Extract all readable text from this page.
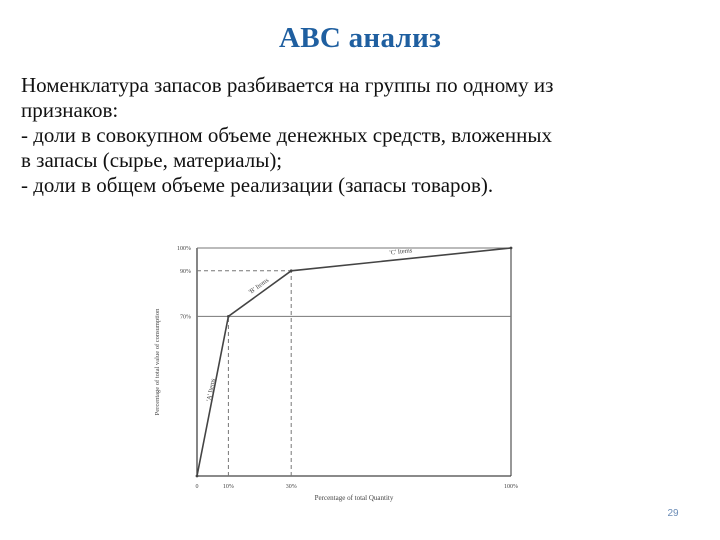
ABC анализ
Номенклатура запасов разбивается на группы по одному из
признаков:
- доли в совокупном объеме денежных средств, вложенных
в запасы (сырье, материалы);
- доли в общем объеме реализации (запасы товаров).
100%
90%
70%
0	10%	30%	100%
Percentage of total Quantity
Percentage of total value of consumption	'A' Items
'B' Items
'C' Items
29
